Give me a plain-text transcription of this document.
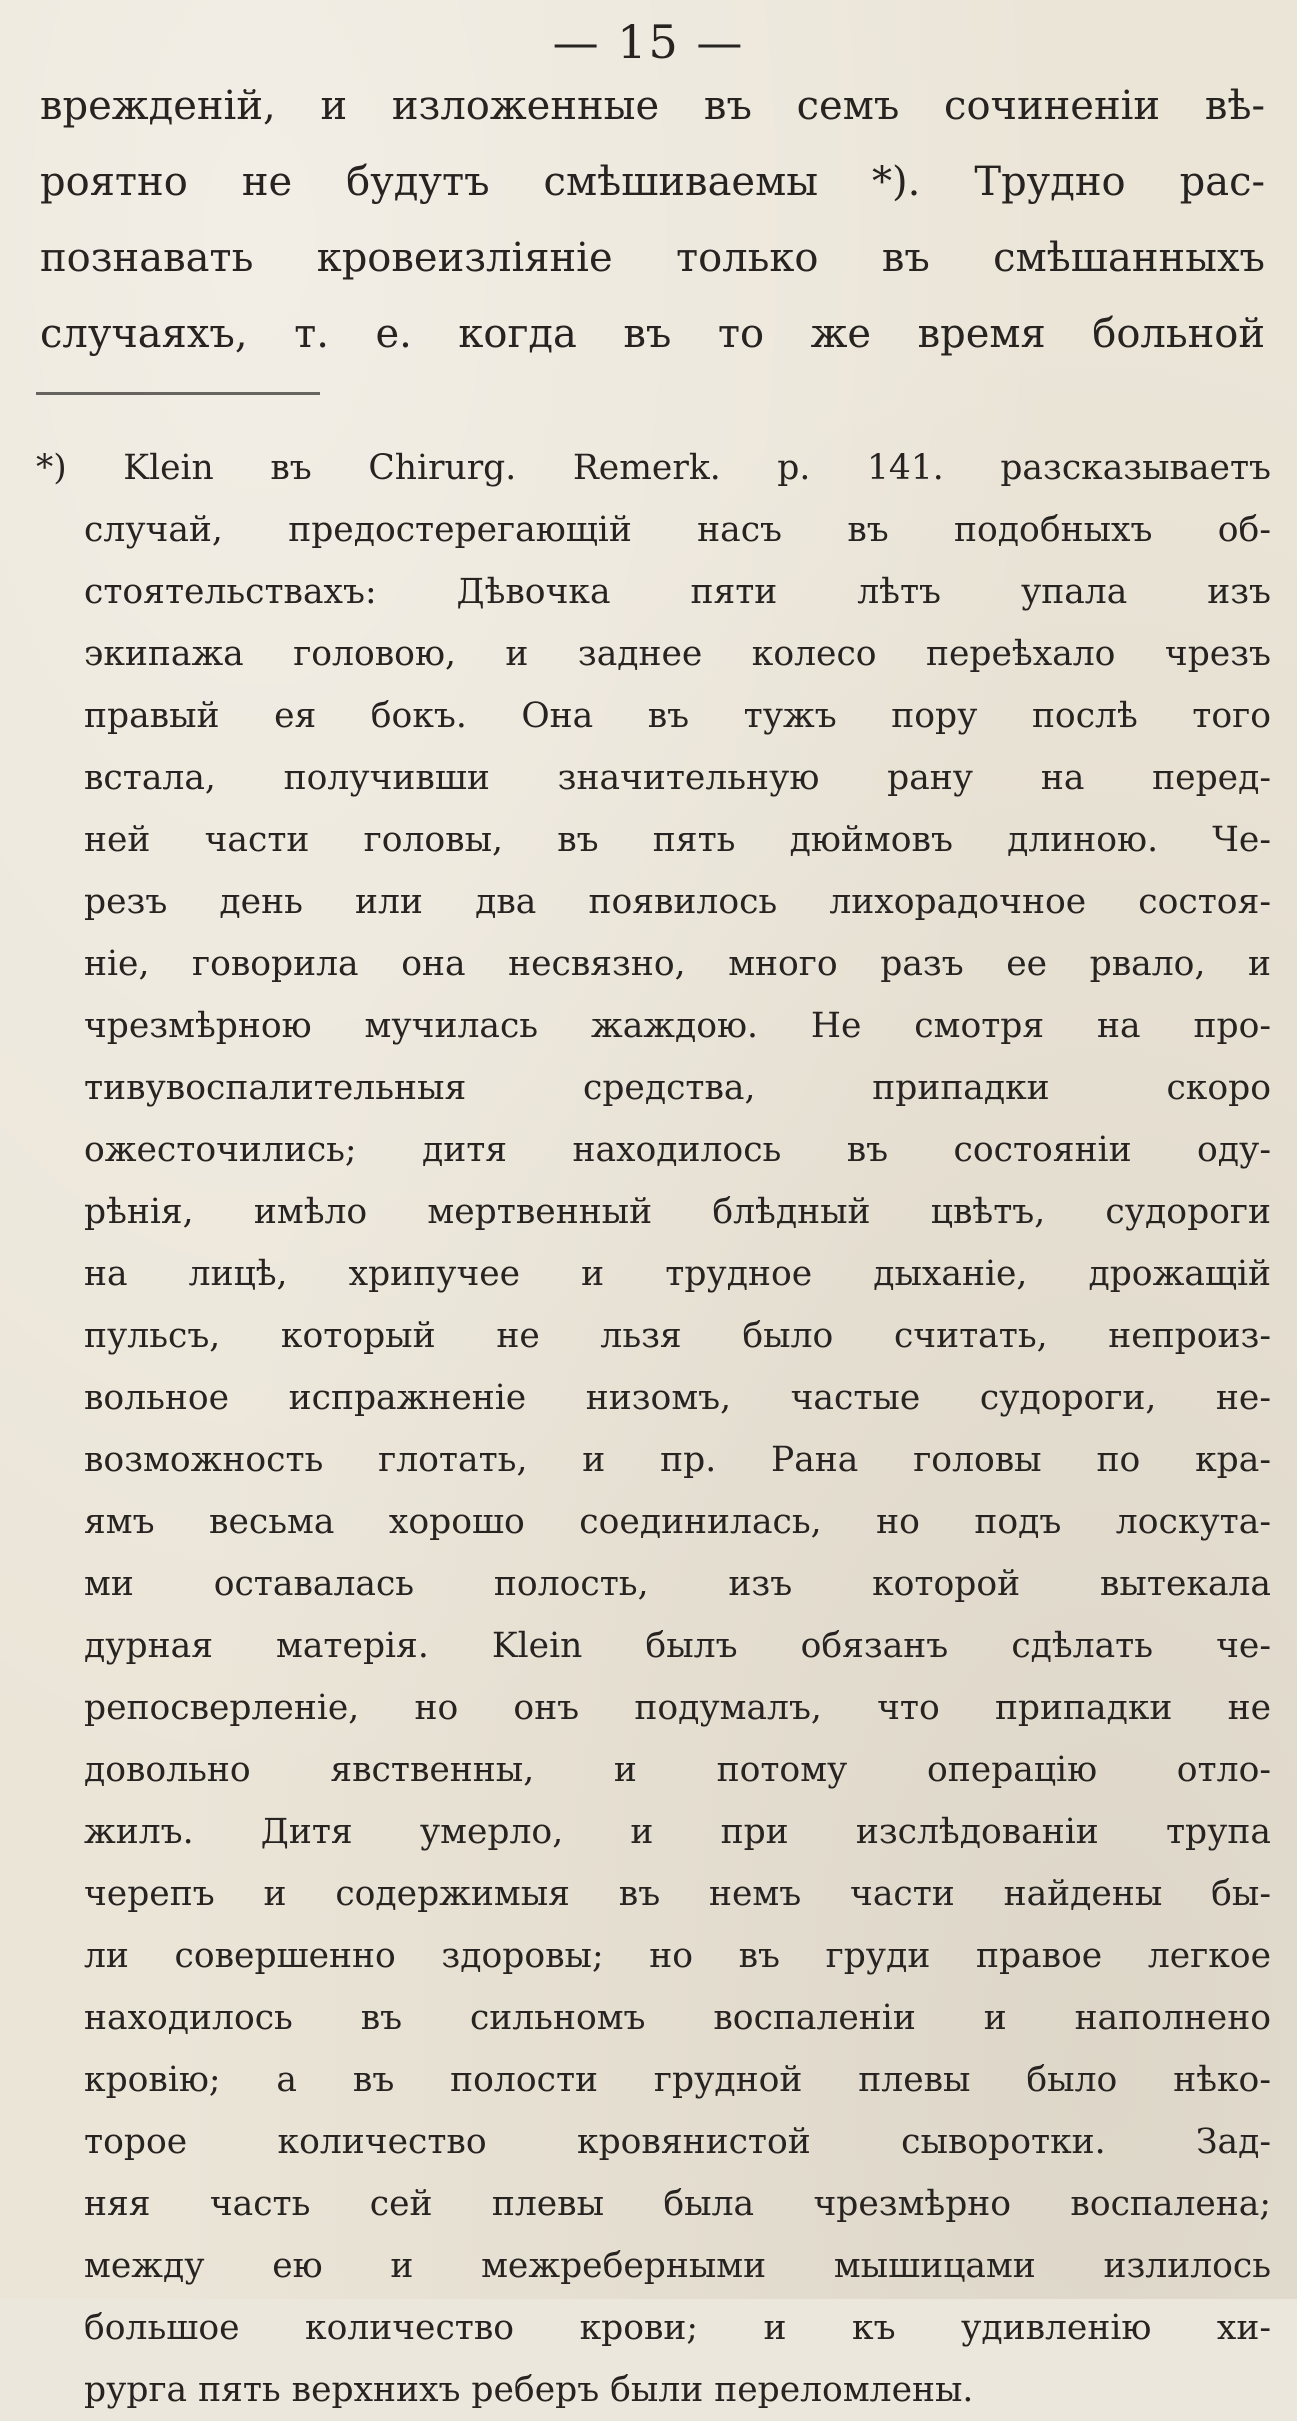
— 15 —
врежденій, и изложенные въ семъ сочиненіи вѣ-
роятно не будутъ смѣшиваемы *). Трудно рас-
познавать кровеизліяніе только въ смѣшанныхъ
случаяхъ, т. е. когда въ то же время больной
*) Klein въ Chirurg. Remerk. p. 141. разсказываетъ
случай, предостерегающій насъ въ подобныхъ об-
стоятельствахъ: Дѣвочка пяти лѣтъ упала изъ
экипажа головою, и заднее колесо переѣхало чрезъ
правый ея бокъ. Она въ тужъ пору послѣ того
встала, получивши значительную рану на перед-
ней части головы, въ пять дюймовъ длиною. Че-
резъ день или два появилось лихорадочное состоя-
ніе, говорила она несвязно, много разъ ее рвало, и
чрезмѣрною мучилась жаждою. Не смотря на про-
тивувоспалительныя средства, припадки скоро
ожесточились; дитя находилось въ состояніи оду-
рѣнія, имѣло мертвенный блѣдный цвѣтъ, судороги
на лицѣ, хрипучее и трудное дыханіе, дрожащій
пульсъ, который не льзя было считать, непроиз-
вольное испражненіе низомъ, частые судороги, не-
возможность глотать, и пр. Рана головы по кра-
ямъ весьма хорошо соединилась, но подъ лоскута-
ми оставалась полость, изъ которой вытекала
дурная матерія. Klein былъ обязанъ сдѣлать че-
репосверленіе, но онъ подумалъ, что припадки не
довольно явственны, и потому операцію отло-
жилъ. Дитя умерло, и при изслѣдованіи трупа
черепъ и содержимыя въ немъ части найдены бы-
ли совершенно здоровы; но въ груди правое легкое
находилось въ сильномъ воспаленіи и наполнено
кровію; а въ полости грудной плевы было нѣко-
торое количество кровянистой сыворотки. Зад-
няя часть сей плевы была чрезмѣрно воспалена;
между ею и межреберными мышицами излилось
большое количество крови; и къ удивленію хи-
рурга пять верхнихъ реберъ были переломлены.
